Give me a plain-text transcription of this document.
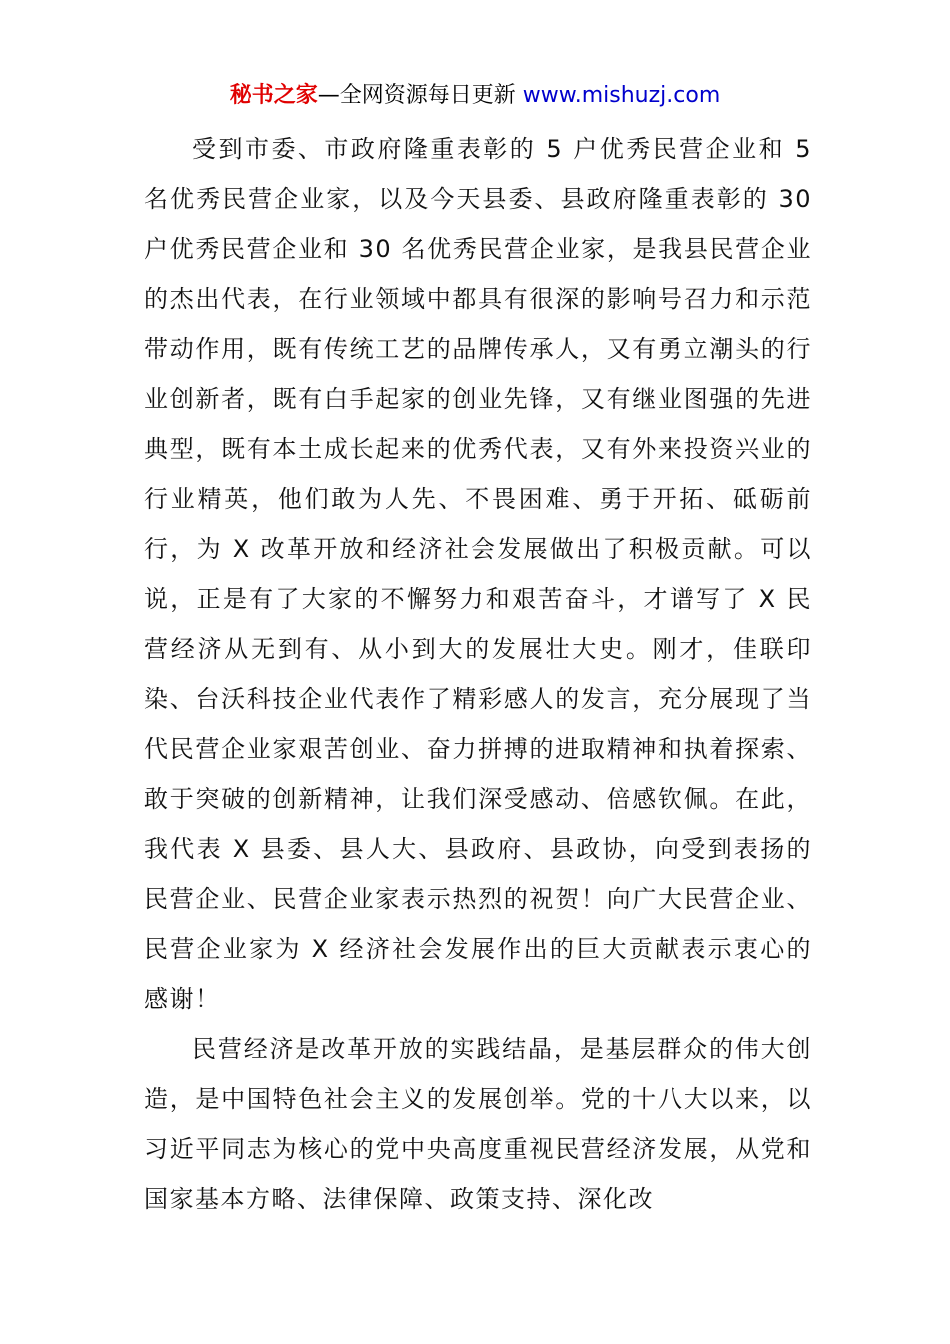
秘书之家—全网资源每日更新 www.mishuzj.com

受到市委、市政府隆重表彰的 5 户优秀民营企业和 5 名优秀民营企业家，以及今天县委、县政府隆重表彰的 30 户优秀民营企业和 30 名优秀民营企业家，是我县民营企业的杰出代表，在行业领域中都具有很深的影响号召力和示范带动作用，既有传统工艺的品牌传承人，又有勇立潮头的行业创新者，既有白手起家的创业先锋，又有继业图强的先进典型，既有本土成长起来的优秀代表，又有外来投资兴业的行业精英，他们敢为人先、不畏困难、勇于开拓、砥砺前行，为 X 改革开放和经济社会发展做出了积极贡献。可以说，正是有了大家的不懈努力和艰苦奋斗，才谱写了 X 民营经济从无到有、从小到大的发展壮大史。刚才，佳联印染、台沃科技企业代表作了精彩感人的发言，充分展现了当代民营企业家艰苦创业、奋力拼搏的进取精神和执着探索、敢于突破的创新精神，让我们深受感动、倍感钦佩。在此，我代表 X 县委、县人大、县政府、县政协，向受到表扬的民营企业、民营企业家表示热烈的祝贺！向广大民营企业、民营企业家为 X 经济社会发展作出的巨大贡献表示衷心的感谢！

民营经济是改革开放的实践结晶，是基层群众的伟大创造，是中国特色社会主义的发展创举。党的十八大以来，以习近平同志为核心的党中央高度重视民营经济发展，从党和国家基本方略、法律保障、政策支持、深化改
